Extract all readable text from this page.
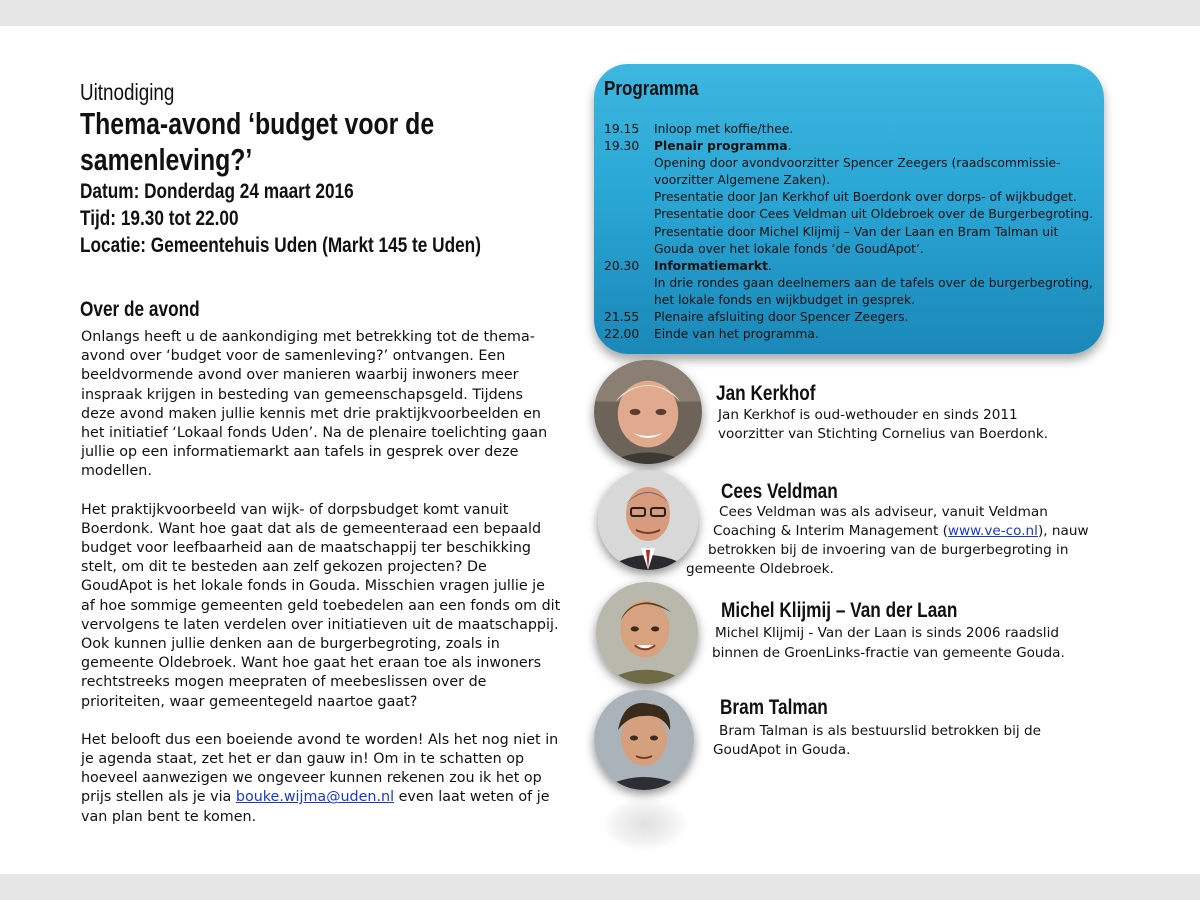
Uitnodiging
Thema-avond ‘budget voor de
samenleving?’
Datum: Donderdag 24 maart 2016
Tijd: 19.30 tot 22.00
Locatie: Gemeentehuis Uden (Markt 145 te Uden)
Over de avond

Onlangs heeft u de aankondiging met betrekking tot de thema-avond over ‘budget voor de samenleving?’ ontvangen. Een beeldvormende avond over manieren waarbij inwoners meer inspraak krijgen in besteding van gemeenschapsgeld. Tijdens deze avond maken jullie kennis met drie praktijkvoorbeelden en het initiatief ‘Lokaal fonds Uden’. Na de plenaire toelichting gaan jullie op een informatiemarkt aan tafels in gesprek over deze modellen.

Het praktijkvoorbeeld van wijk- of dorpsbudget komt vanuit Boerdonk. Want hoe gaat dat als de gemeenteraad een bepaald budget voor leefbaarheid aan de maatschappij ter beschikking stelt, om dit te besteden aan zelf gekozen projecten? De GoudApot is het lokale fonds in Gouda. Misschien vragen jullie je af hoe sommige gemeenten geld toebedelen aan een fonds om dit vervolgens te laten verdelen over initiatieven uit de maatschappij. Ook kunnen jullie denken aan de burgerbegroting, zoals in gemeente Oldebroek. Want hoe gaat het eraan toe als inwoners rechtstreeks mogen meepraten of meebeslissen over de prioriteiten, waar gemeentegeld naartoe gaat?

Het belooft dus een boeiende avond te worden! Als het nog niet in je agenda staat, zet het er dan gauw in! Om in te schatten op hoeveel aanwezigen we ongeveer kunnen rekenen zou ik het op prijs stellen als je via bouke.wijma@uden.nl even laat weten of je van plan bent te komen.

Programma
19.15	Inloop met koffie/thee.
19.30	Plenair programma.

Opening door avondvoorzitter Spencer Zeegers (raadscommissie-voorzitter Algemene Zaken).

Presentatie door Jan Kerkhof uit Boerdonk over dorps- of wijkbudget.

Presentatie door Cees Veldman uit Oldebroek over de Burgerbegroting.

Presentatie door Michel Klijmij – Van der Laan en Bram Talman uit Gouda over het lokale fonds ‘de GoudApot’.

20.30	Informatiemarkt.

In drie rondes gaan deelnemers aan de tafels over de burgerbegroting, het lokale fonds en wijkbudget in gesprek.

21.55	Plenaire afsluiting door Spencer Zeegers.
22.00	Einde van het programma.
Jan Kerkhof
Jan Kerkhof is oud-wethouder en sinds 2011 voorzitter van Stichting Cornelius van Boerdonk.
Cees Veldman
Cees Veldman was als adviseur, vanuit Veldman
Coaching & Interim Management (www.ve-co.nl), nauw
betrokken bij de invoering van de burgerbegroting in
gemeente Oldebroek.
Michel Klijmij – Van der Laan
Michel Klijmij - Van der Laan is sinds 2006 raadslid
binnen de GroenLinks-fractie van gemeente Gouda.
Bram Talman
Bram Talman is als bestuurslid betrokken bij de
GoudApot in Gouda.
